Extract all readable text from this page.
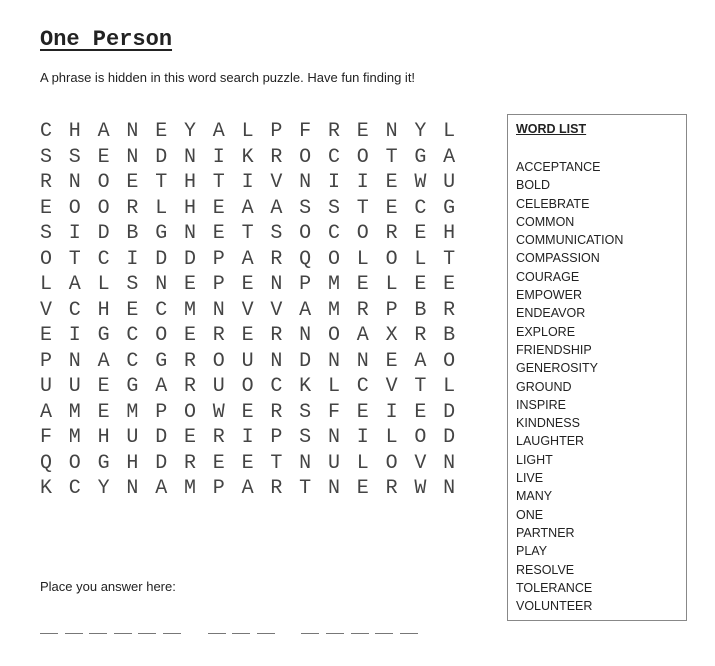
One Person
A phrase is hidden in this word search puzzle. Have fun finding it!
C H A N E Y A L P F R E N Y L
S S E N D N I K R O C O T G A
R N O E T H T I V N I I E W U
E O O R L H E A A S S T E C G
S I D B G N E T S O C O R E H
O T C I D D P A R Q O L O L T
L A L S N E P E N P M E L E E
V C H E C M N V V A M R P B R
E I G C O E R E R N O A X R B
P N A C G R O U N D N N E A O
U U E G A R U O C K L C V T L
A M E M P O W E R S F E I E D
F M H U D E R I P S N I L O D
Q O G H D R E E T N U L O V N
K C Y N A M P A R T N E R W N
WORD LIST
ACCEPTANCE
BOLD
CELEBRATE
COMMON
COMMUNICATION
COMPASSION
COURAGE
EMPOWER
ENDEAVOR
EXPLORE
FRIENDSHIP
GENEROSITY
GROUND
INSPIRE
KINDNESS
LAUGHTER
LIGHT
LIVE
MANY
ONE
PARTNER
PLAY
RESOLVE
TOLERANCE
VOLUNTEER
Place you answer here:
